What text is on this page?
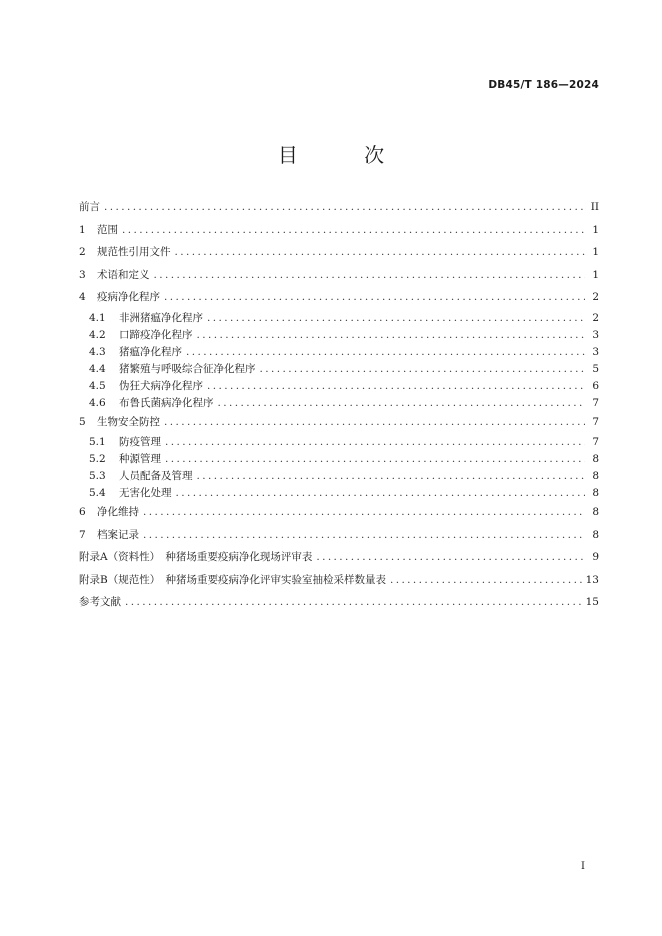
DB45/T 186—2024
目 次
前言 .....	II
1	范围 .....	1
2	规范性引用文件 .....	1
3	术语和定义 .....	1
4	疫病净化程序 .....	2
4.1	非洲猪瘟净化程序 .....	2
4.2	口蹄疫净化程序 .....	3
4.3	猪瘟净化程序 .....	3
4.4	猪繁殖与呼吸综合征净化程序 .....	5
4.5	伪狂犬病净化程序 .....	6
4.6	布鲁氏菌病净化程序 .....	7
5	生物安全防控 .....	7
5.1	防疫管理 .....	7
5.2	种源管理 .....	8
5.3	人员配备及管理 .....	8
5.4	无害化处理 .....	8
6	净化维持 .....	8
7	档案记录 .....	8
附录A（资料性）　种猪场重要疫病净化现场评审表 .....	9
附录B（规范性）　种猪场重要疫病净化评审实验室抽检采样数量表 .....	13
参考文献 .....	15
I
